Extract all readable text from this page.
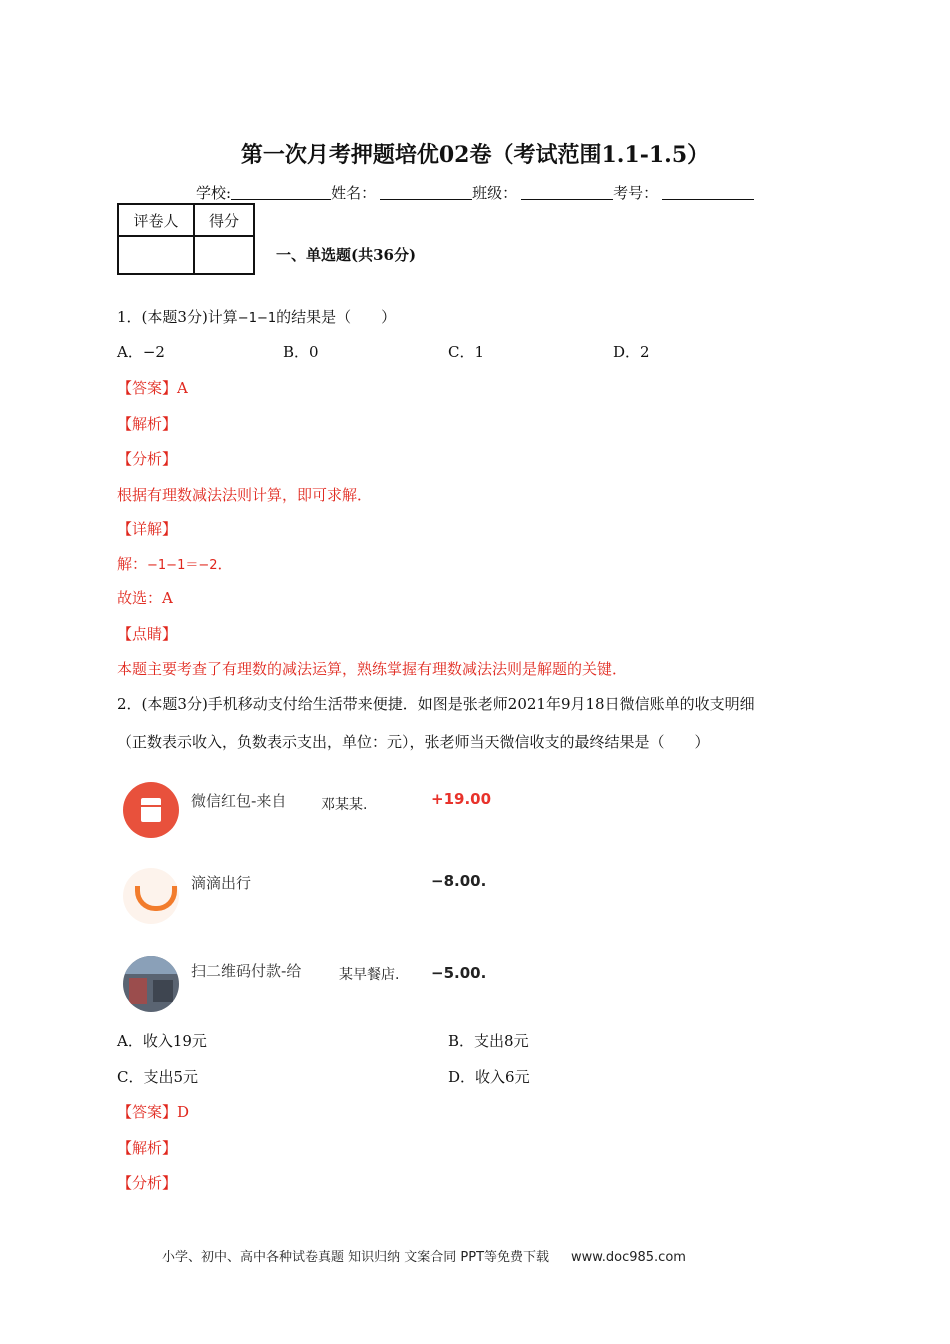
第一次月考押题培优02卷（考试范围1.1-1.5）
学校:	姓名：	班级：	考号：
评卷人	得分

一、单选题(共36分)
1．(本题3分)计算−1−1的结果是（　　）
A．−2	B．0	C．1	D．2
【答案】A
【解析】
【分析】
根据有理数减法法则计算，即可求解．
【详解】
解：−1−1＝−2．
故选：A
【点睛】
本题主要考查了有理数的减法运算，熟练掌握有理数减法法则是解题的关键．
2．(本题3分)手机移动支付给生活带来便捷．如图是张老师2021年9月18日微信账单的收支明细
（正数表示收入，负数表示支出，单位：元），张老师当天微信收支的最终结果是（　　）
微信红包-来自 邓某某.	+19.00
滴滴出行	−8.00.
扫二维码付款-给	某早餐店. −5.00.
A．收入19元	B．支出8元
C．支出5元	D．收入6元
【答案】D
【解析】
【分析】
小学、初中、高中各种试卷真题 知识归纳 文案合同 PPT等免费下载 www.doc985.com
